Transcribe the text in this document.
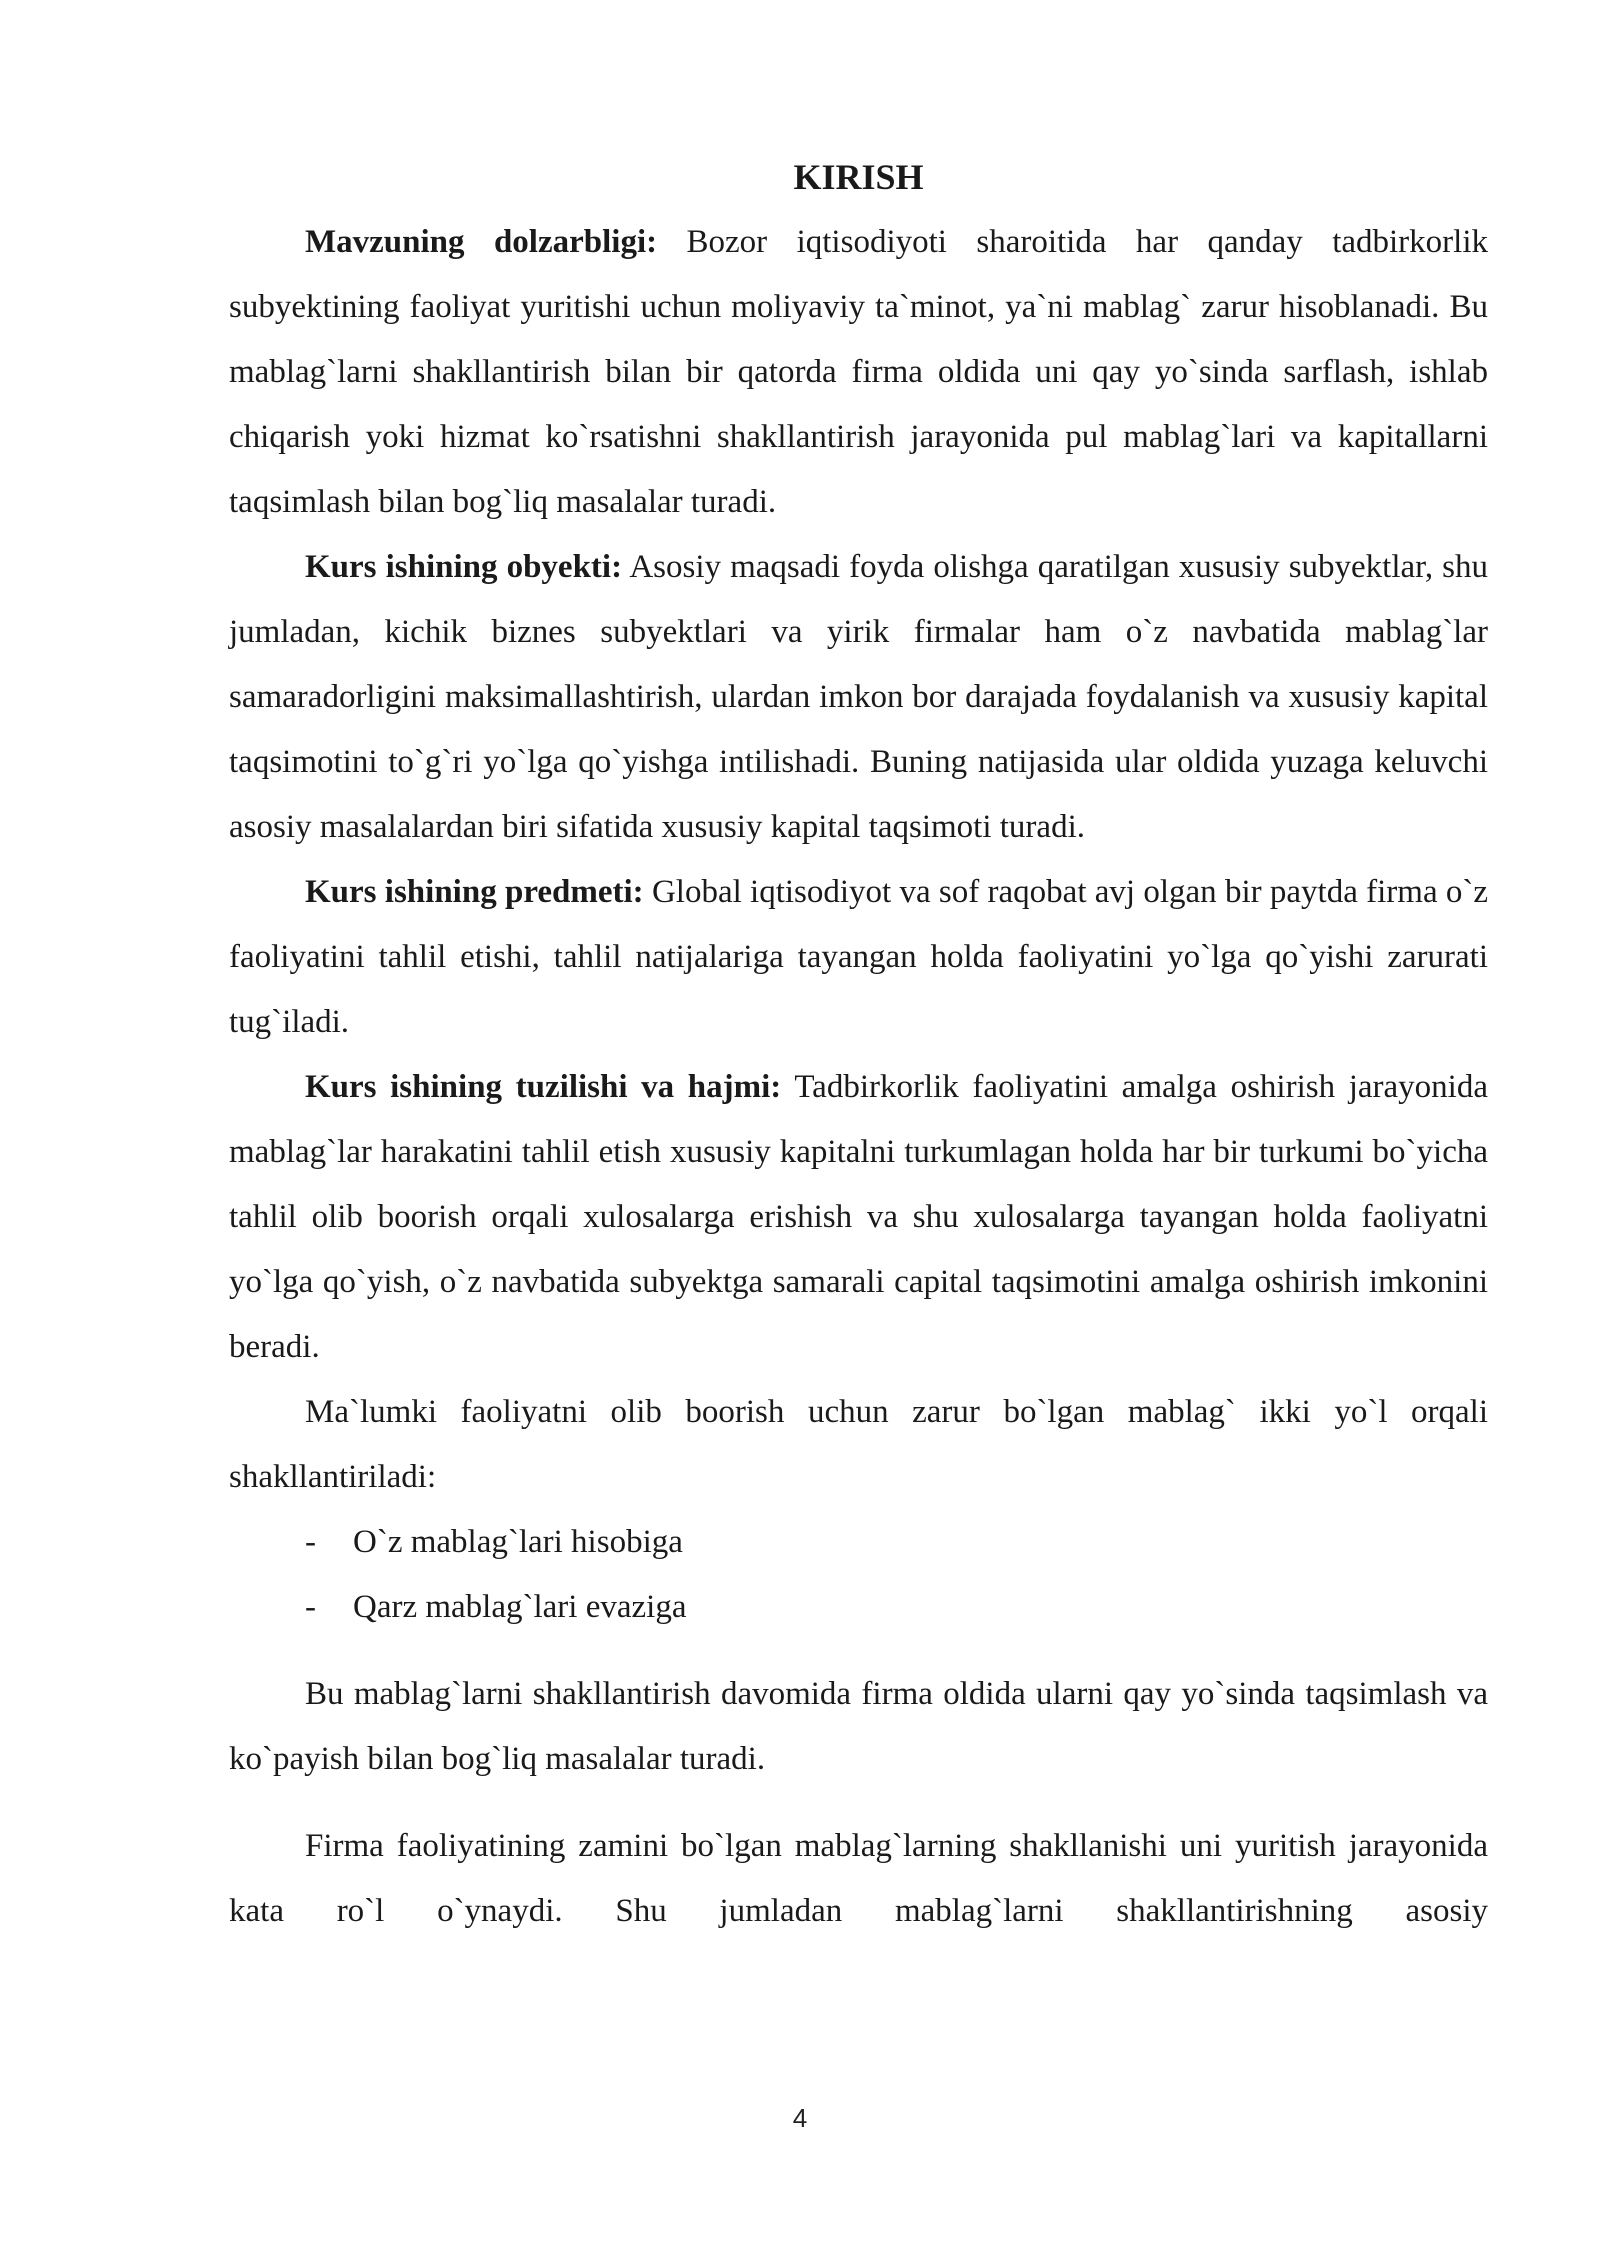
KIRISH

Mavzuning dolzarbligi: Bozor iqtisodiyoti sharoitida har qanday tadbirkorlik subyektining faoliyat yuritishi uchun moliyaviy ta`minot, ya`ni mablag` zarur hisoblanadi. Bu mablag`larni shakllantirish bilan bir qatorda firma oldida uni qay yo`sinda sarflash, ishlab chiqarish yoki hizmat ko`rsatishni shakllantirish jarayonida pul mablag`lari va kapitallarni taqsimlash bilan bog`liq masalalar turadi.

Kurs ishining obyekti: Asosiy maqsadi foyda olishga qaratilgan xususiy subyektlar, shu jumladan, kichik biznes subyektlari va yirik firmalar ham o`z navbatida mablag`lar samaradorligini maksimallashtirish, ulardan imkon bor darajada foydalanish va xususiy kapital taqsimotini to`g`ri yo`lga qo`yishga intilishadi. Buning natijasida ular oldida yuzaga keluvchi asosiy masalalardan biri sifatida xususiy kapital taqsimoti turadi.

Kurs ishining predmeti: Global iqtisodiyot va sof raqobat avj olgan bir paytda firma o`z faoliyatini tahlil etishi, tahlil natijalariga tayangan holda faoliyatini yo`lga qo`yishi zarurati tug`iladi.

Kurs ishining tuzilishi va hajmi: Tadbirkorlik faoliyatini amalga oshirish jarayonida mablag`lar harakatini tahlil etish xususiy kapitalni turkumlagan holda har bir turkumi bo`yicha tahlil olib boorish orqali xulosalarga erishish va shu xulosalarga tayangan holda faoliyatni yo`lga qo`yish, o`z navbatida subyektga samarali capital taqsimotini amalga oshirish imkonini beradi.

Ma`lumki faoliyatni olib boorish uchun zarur bo`lgan mablag` ikki yo`l orqali shakllantiriladi:

- O`z mablag`lari hisobiga
- Qarz mablag`lari evaziga

Bu mablag`larni shakllantirish davomida firma oldida ularni qay yo`sinda taqsimlash va ko`payish bilan bog`liq masalalar turadi.

Firma faoliyatining zamini bo`lgan mablag`larning shakllanishi uni yuritish jarayonida kata ro`l o`ynaydi. Shu jumladan mablag`larni shakllantirishning asosiy

4
